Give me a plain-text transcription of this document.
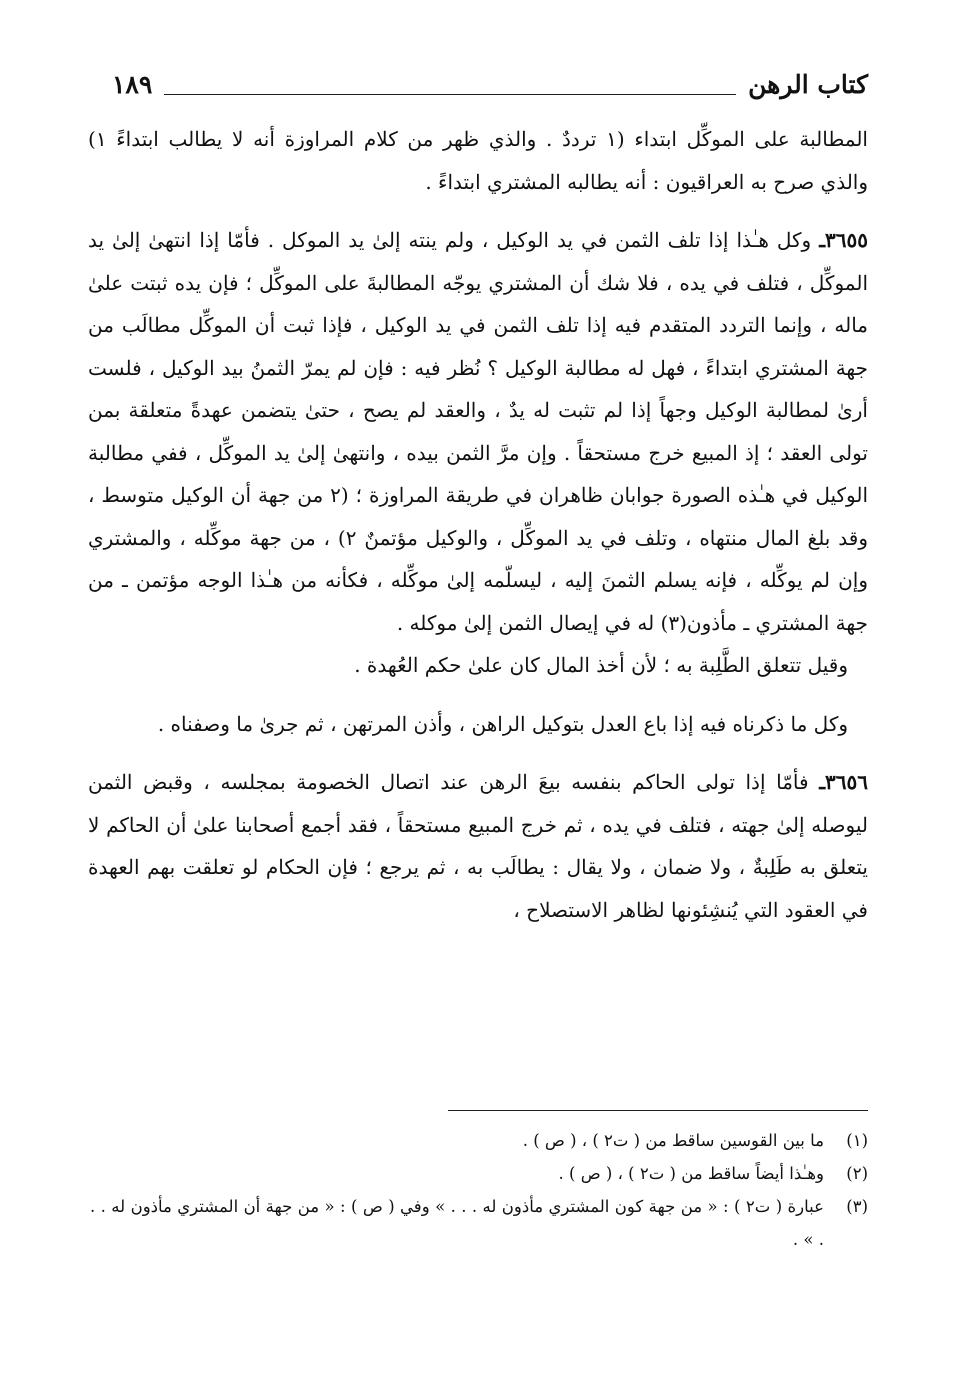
كتاب الرهن
١٨٩

المطالبة على الموكِّل ابتداء (١ ترددٌ . والذي ظهر من كلام المراوزة أنه لا يطالب ابتداءً ١) والذي صرح به العراقيون : أنه يطالبه المشتري ابتداءً .

٣٦٥٥ـ وكل هـٰذا إذا تلف الثمن في يد الوكيل ، ولم ينته إلىٰ يد الموكل . فأمّا إذا انتهىٰ إلىٰ يد الموكِّل ، فتلف في يده ، فلا شك أن المشتري يوجّه المطالبةَ على الموكِّل ؛ فإن يده ثبتت علىٰ ماله ، وإنما التردد المتقدم فيه إذا تلف الثمن في يد الوكيل ، فإذا ثبت أن الموكِّل مطالَب من جهة المشتري ابتداءً ، فهل له مطالبة الوكيل ؟ نُظر فيه : فإن لم يمرّ الثمنُ بيد الوكيل ، فلست أرىٰ لمطالبة الوكيل وجهاً إذا لم تثبت له يدٌ ، والعقد لم يصح ، حتىٰ يتضمن عهدةً متعلقة بمن تولى العقد ؛ إذ المبيع خرج مستحقاً . وإن مرَّ الثمن بيده ، وانتهىٰ إلىٰ يد الموكِّل ، ففي مطالبة الوكيل في هـٰذه الصورة جوابان ظاهران في طريقة المراوزة ؛ (٢ من جهة أن الوكيل متوسط ، وقد بلغ المال منتهاه ، وتلف في يد الموكِّل ، والوكيل مؤتمنٌ ٢) ، من جهة موكِّله ، والمشتري وإن لم يوكِّله ، فإنه يسلم الثمنَ إليه ، ليسلّمه إلىٰ موكِّله ، فكأنه من هـٰذا الوجه مؤتمن ـ من جهة المشتري ـ مأذون(٣) له في إيصال الثمن إلىٰ موكله .

وقيل تتعلق الطَّلِبة به ؛ لأن أخذ المال كان علىٰ حكم العُهدة .

وكل ما ذكرناه فيه إذا باع العدل بتوكيل الراهن ، وأذن المرتهن ، ثم جرىٰ ما وصفناه .

٣٦٥٦ـ فأمّا إذا تولى الحاكم بنفسه بيعَ الرهن عند اتصال الخصومة بمجلسه ، وقبض الثمن ليوصله إلىٰ جهته ، فتلف في يده ، ثم خرج المبيع مستحقاً ، فقد أجمع أصحابنا علىٰ أن الحاكم لا يتعلق به طَلِبةٌ ، ولا ضمان ، ولا يقال : يطالَب به ، ثم يرجع ؛ فإن الحكام لو تعلقت بهم العهدة في العقود التي يُنشِئونها لظاهر الاستصلاح ،

(١)
ما بين القوسين ساقط من ( ت٢ ) ، ( ص ) .
(٢)
وهـٰذا أيضاً ساقط من ( ت٢ ) ، ( ص ) .
(٣)
عبارة ( ت٢ ) : « من جهة كون المشتري مأذون له . . . » وفي ( ص ) : « من جهة أن المشتري مأذون له . . . » .
